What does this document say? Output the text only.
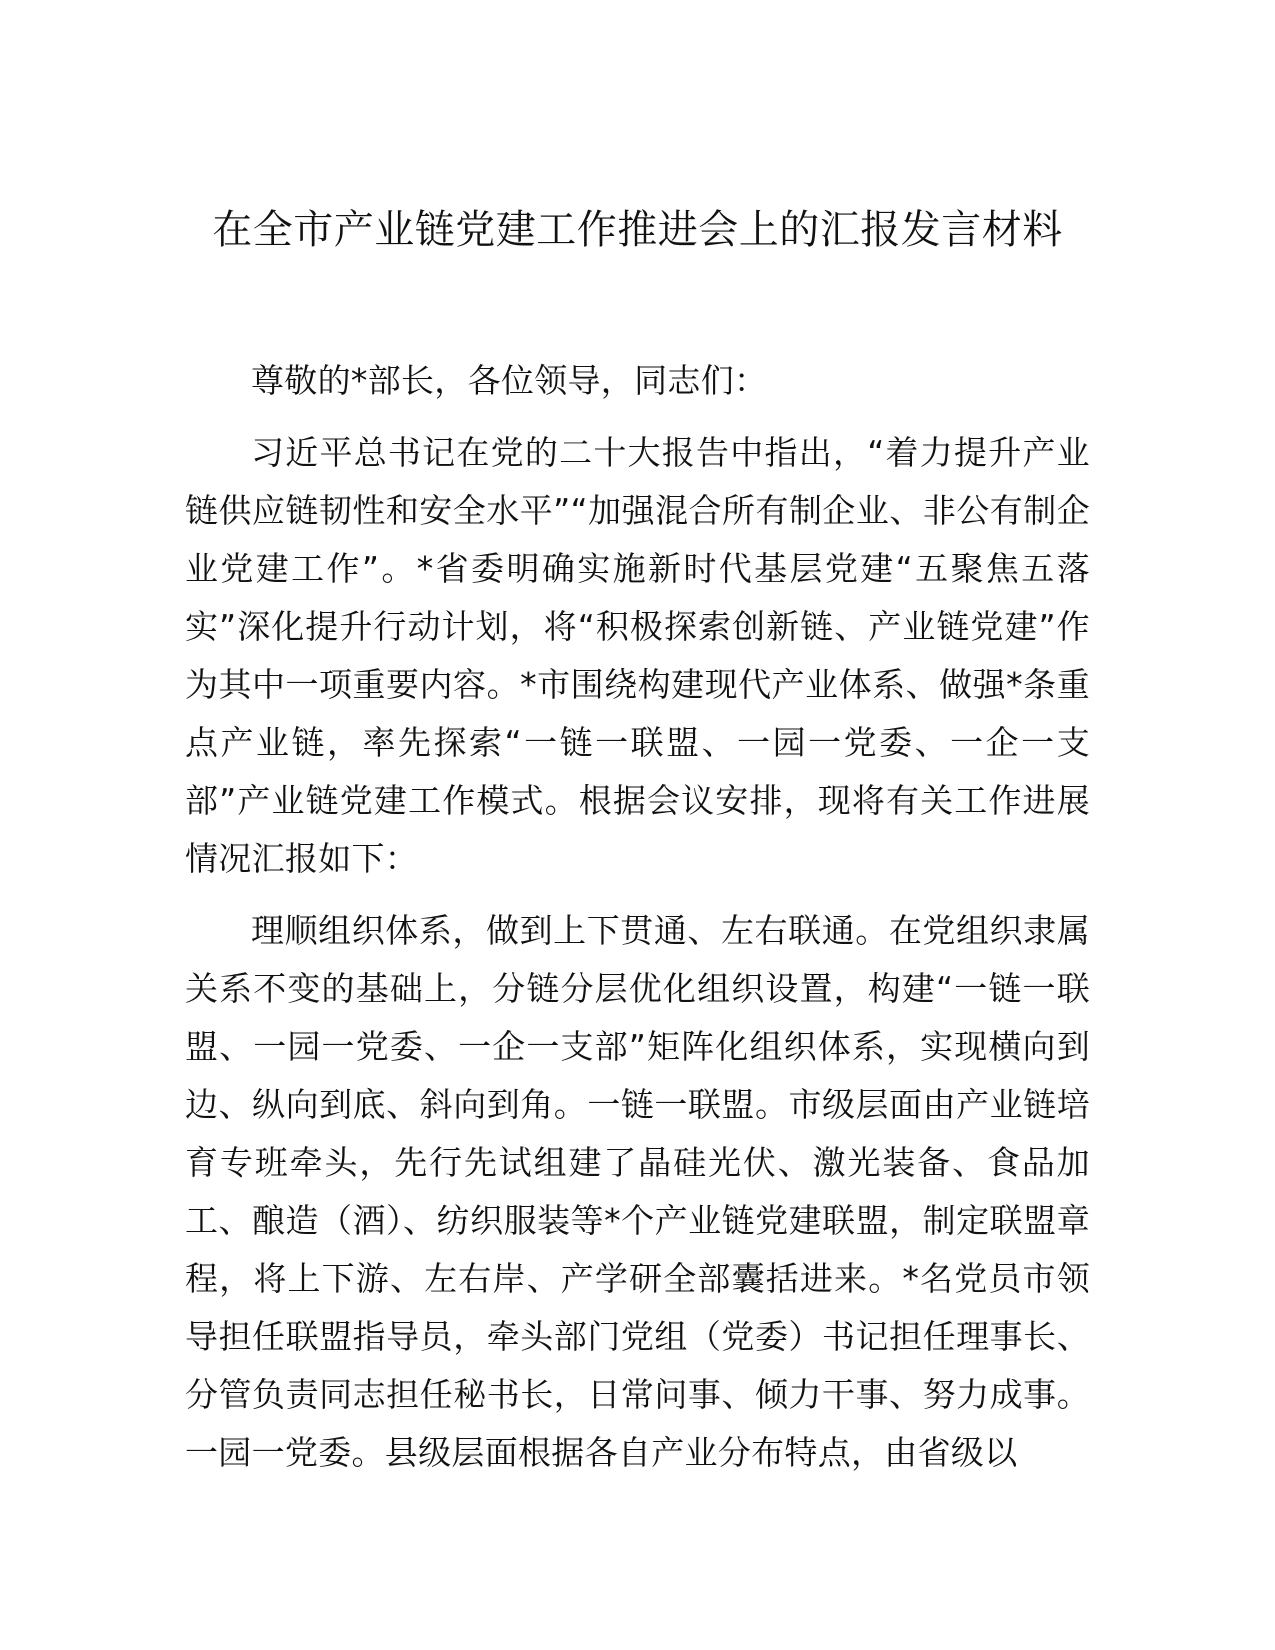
在全市产业链党建工作推进会上的汇报发言材料

尊敬的*部长，各位领导，同志们：

习近平总书记在党的二十大报告中指出，“着力提升产业链供应链韧性和安全水平”“加强混合所有制企业、非公有制企业党建工作”。*省委明确实施新时代基层党建“五聚焦五落实”深化提升行动计划，将“积极探索创新链、产业链党建”作为其中一项重要内容。*市围绕构建现代产业体系、做强*条重点产业链，率先探索“一链一联盟、一园一党委、一企一支部”产业链党建工作模式。根据会议安排，现将有关工作进展情况汇报如下：

理顺组织体系，做到上下贯通、左右联通。在党组织隶属关系不变的基础上，分链分层优化组织设置，构建“一链一联盟、一园一党委、一企一支部”矩阵化组织体系，实现横向到边、纵向到底、斜向到角。一链一联盟。市级层面由产业链培育专班牵头，先行先试组建了晶硅光伏、激光装备、食品加工、酿造（酒）、纺织服装等*个产业链党建联盟，制定联盟章程，将上下游、左右岸、产学研全部囊括进来。*名党员市领导担任联盟指导员，牵头部门党组（党委）书记担任理事长、分管负责同志担任秘书长，日常问事、倾力干事、努力成事。一园一党委。县级层面根据各自产业分布特点，由省级以
